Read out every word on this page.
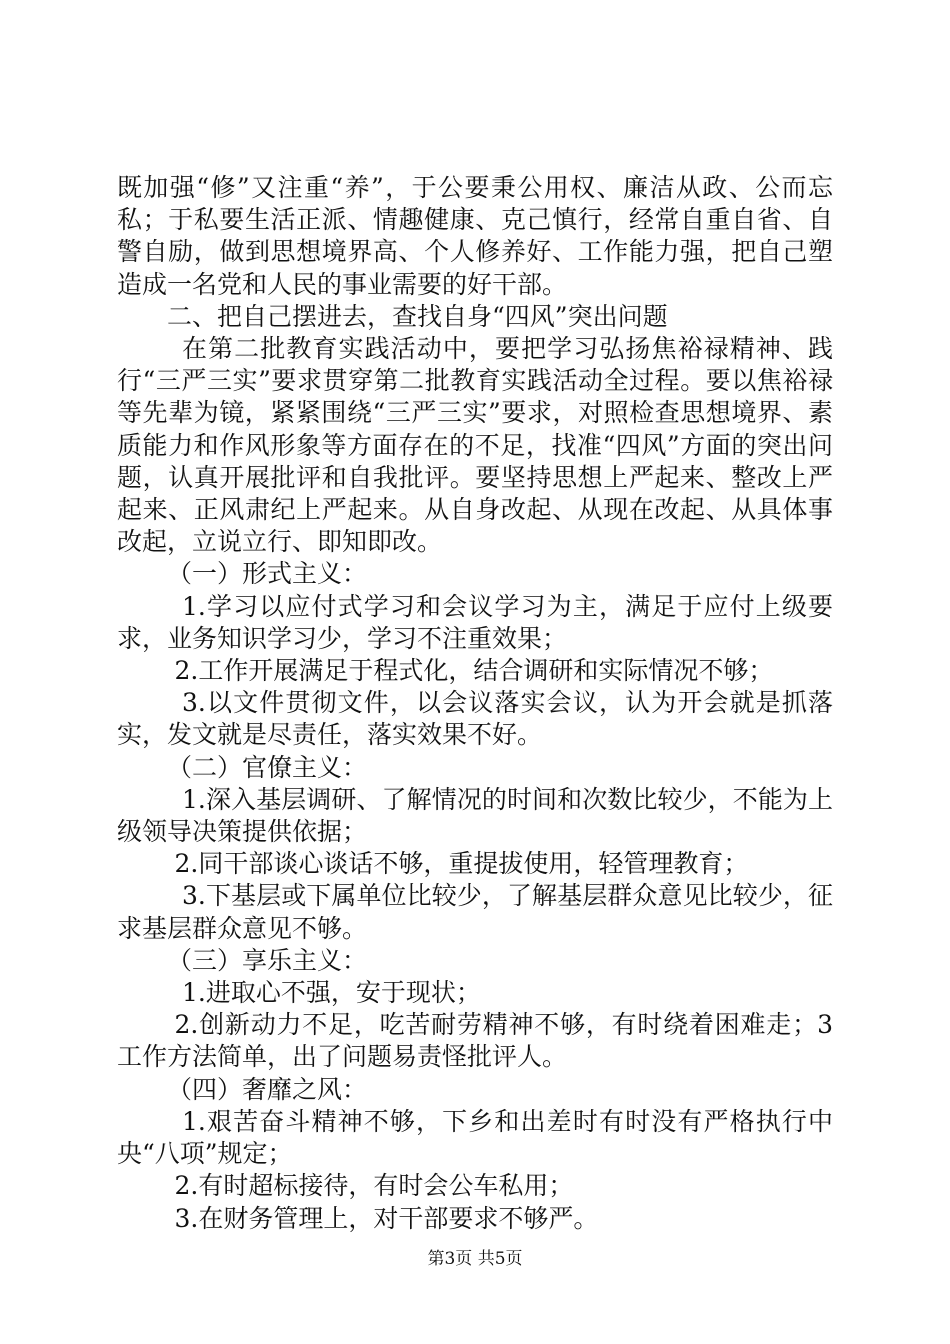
既加强“修”又注重“养”，于公要秉公用权、廉洁从政、公而忘私；于私要生活正派、情趣健康、克己慎行，经常自重自省、自警自励，做到思想境界高、个人修养好、工作能力强，把自己塑造成一名党和人民的事业需要的好干部。

二、把自己摆进去，查找自身“四风”突出问题

在第二批教育实践活动中，要把学习弘扬焦裕禄精神、践行“三严三实”要求贯穿第二批教育实践活动全过程。要以焦裕禄等先辈为镜，紧紧围绕“三严三实”要求，对照检查思想境界、素质能力和作风形象等方面存在的不足，找准“四风”方面的突出问题，认真开展批评和自我批评。要坚持思想上严起来、整改上严起来、正风肃纪上严起来。从自身改起、从现在改起、从具体事改起，立说立行、即知即改。

（一）形式主义：

1.学习以应付式学习和会议学习为主，满足于应付上级要求，业务知识学习少，学习不注重效果；

2.工作开展满足于程式化，结合调研和实际情况不够；

3.以文件贯彻文件，以会议落实会议，认为开会就是抓落实，发文就是尽责任，落实效果不好。

（二）官僚主义：

1.深入基层调研、了解情况的时间和次数比较少，不能为上级领导决策提供依据；

2.同干部谈心谈话不够，重提拔使用，轻管理教育；

3.下基层或下属单位比较少，了解基层群众意见比较少，征求基层群众意见不够。

（三）享乐主义：

1.进取心不强，安于现状；

2.创新动力不足，吃苦耐劳精神不够，有时绕着困难走；3工作方法简单，出了问题易责怪批评人。

（四）奢靡之风：

1.艰苦奋斗精神不够，下乡和出差时有时没有严格执行中央“八项”规定；

2.有时超标接待，有时会公车私用；

3.在财务管理上，对干部要求不够严。

第3页 共5页
